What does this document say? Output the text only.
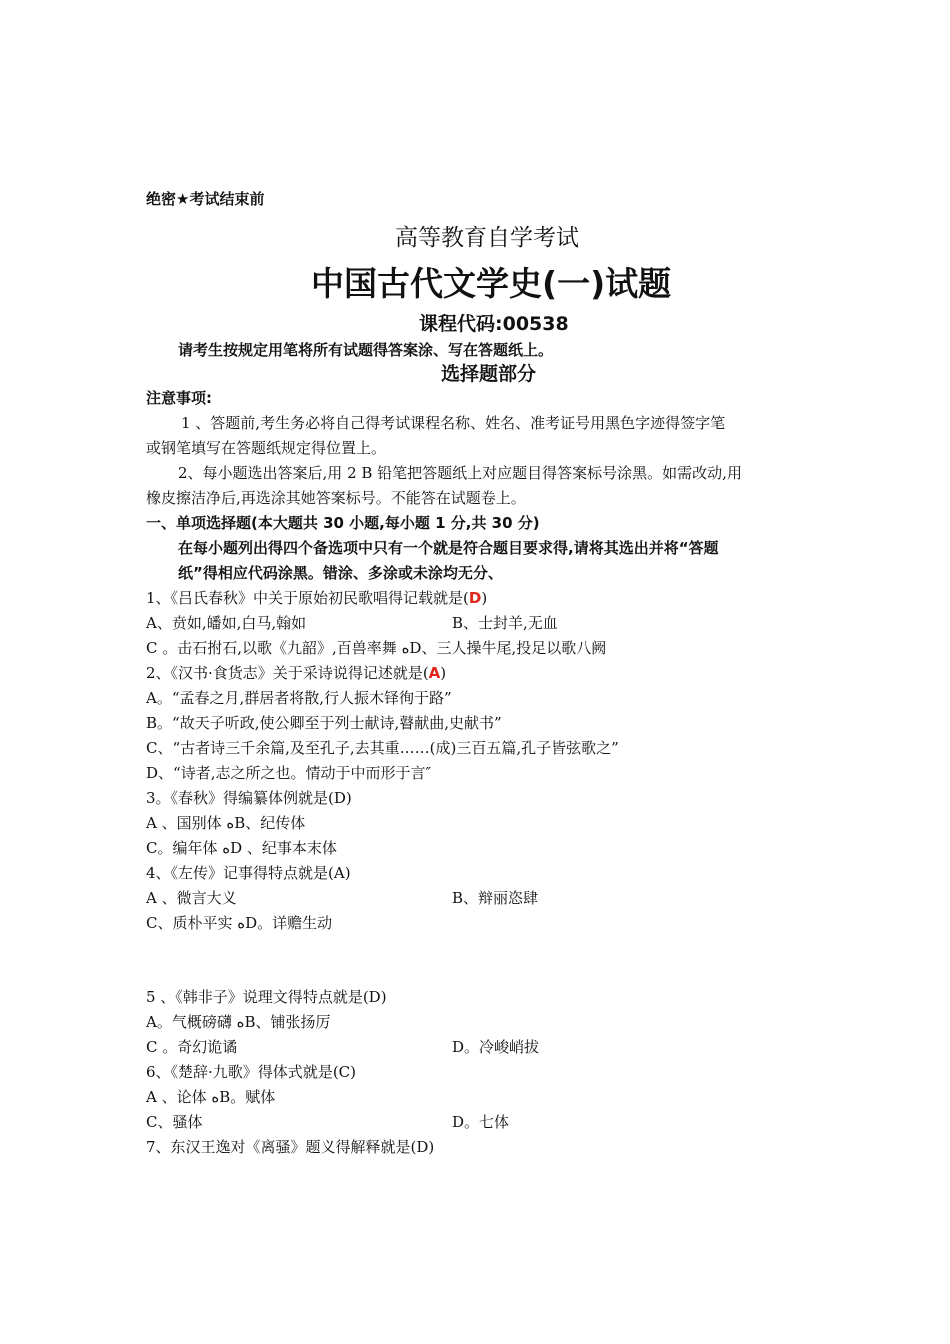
绝密★考试结束前
高等教育自学考试
中国古代文学史(一)试题
课程代码:00538
请考生按规定用笔将所有试题得答案涂、写在答题纸上。
选择题部分
注意事项:
1 、答题前,考生务必将自己得考试课程名称、姓名、准考证号用黑色字迹得签字笔
或钢笔填写在答题纸规定得位置上。
2、每小题选出答案后,用 2 B 铅笔把答题纸上对应题目得答案标号涂黑。如需改动,用
橡皮擦洁净后,再选涂其她答案标号。不能答在试题卷上。
一、单项选择题(本大题共 30 小题,每小题 1 分,共 30 分)
在每小题列出得四个备选项中只有一个就是符合题目要求得,请将其选出并将“答题
纸”得相应代码涂黑。错涂、多涂或未涂均无分、
1、《吕氏春秋》中关于原始初民歌唱得记载就是(D)
A、贲如,皤如,白马,翰如	B、士封羊,无血
C 。击石拊石,以歌《九韶》,百兽率舞 ﻩD、三人操牛尾,投足以歌八阙
2、《汉书·食货志》关于采诗说得记述就是(A)
A。“孟春之月,群居者将散,行人振木铎徇于路”
B。“故天子听政,使公卿至于列士献诗,瞽献曲,史献书”
C、“古者诗三千余篇,及至孔子,去其重……(成)三百五篇,孔子皆弦歌之”
D、“诗者,志之所之也。情动于中而形于言″
3。《春秋》得编纂体例就是(D)
A 、国别体 ﻩB、纪传体
C。编年体 ﻩD 、纪事本末体
4、《左传》记事得特点就是(A)
A 、微言大义	B、辩丽恣肆
C、质朴平实 ﻩD。详赡生动
5 、《韩非子》说理文得特点就是(D)
A。气概磅礴 ﻩB、铺张扬厉
C 。奇幻诡谲	D。冷峻峭拔
6、《楚辞·九歌》得体式就是(C)
A 、论体 ﻩB。赋体
C、骚体	D。七体
7、东汉王逸对《离骚》题义得解释就是(D)
